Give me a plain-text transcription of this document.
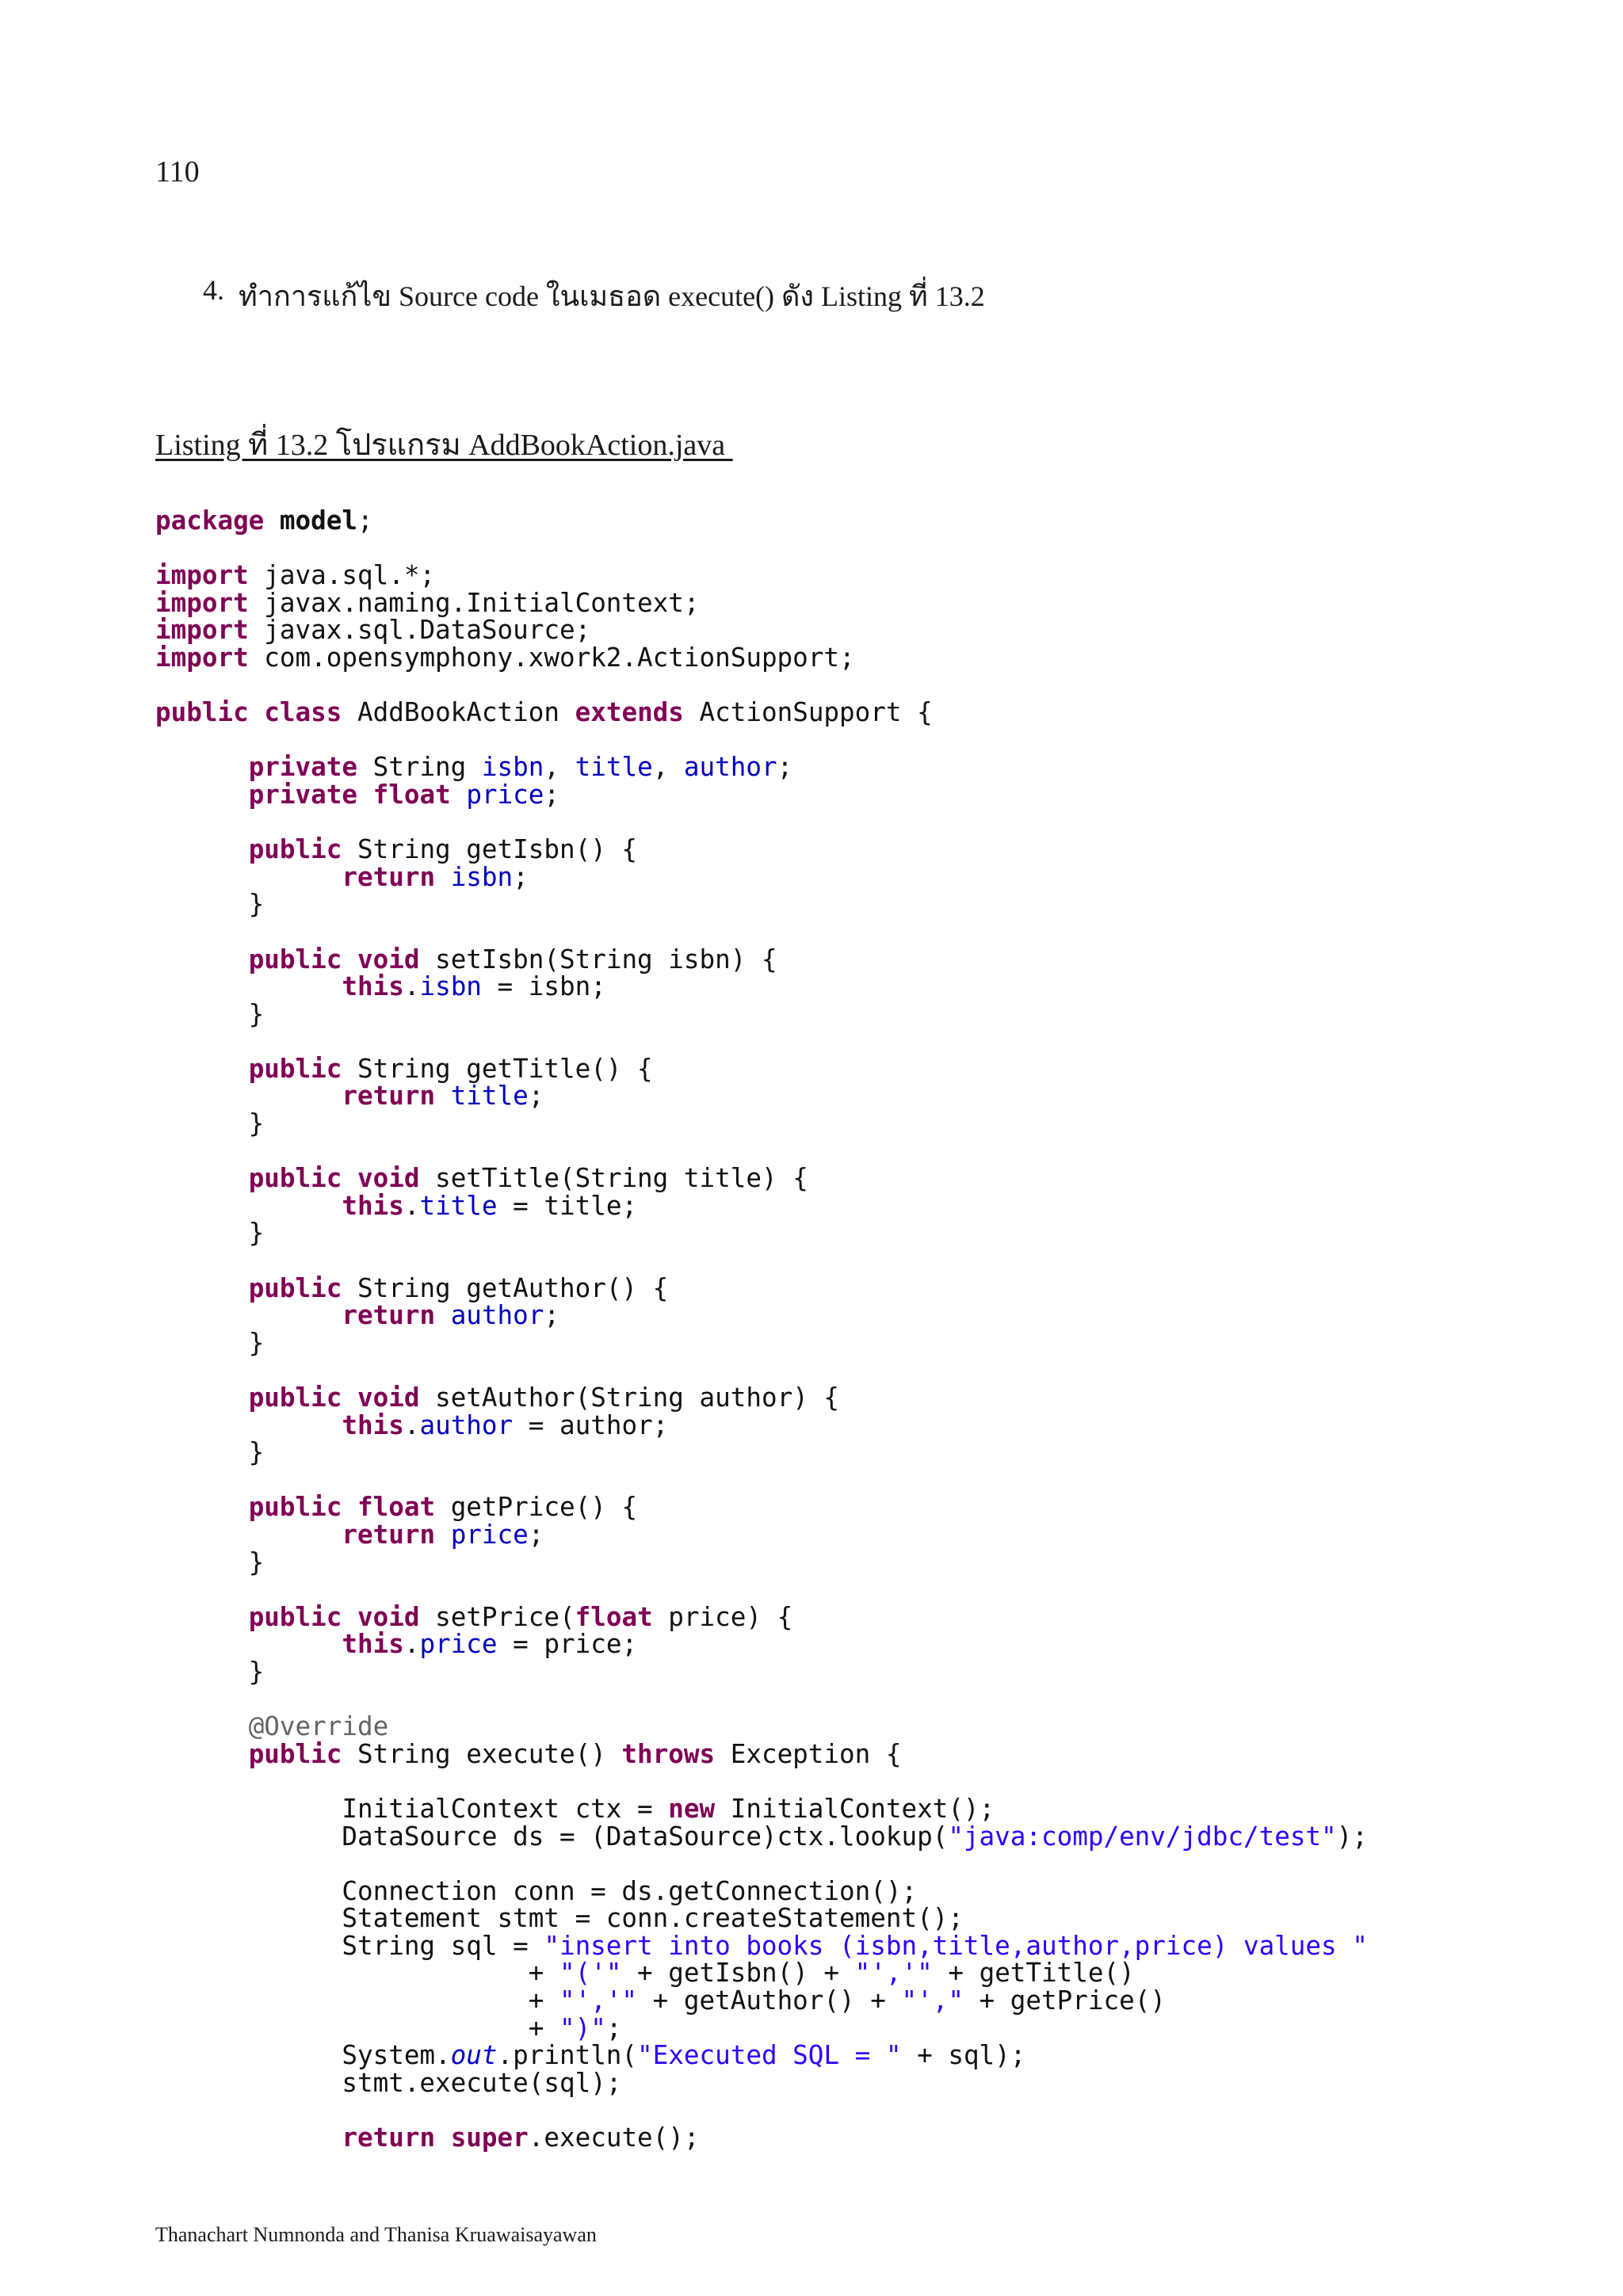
110
4. ทำการแก้ไข Source code ในเมธอด execute() ดัง Listing ที่ 13.2
Listing ที่ 13.2 โปรแกรม AddBookAction.java
package model;

import java.sql.*;
import javax.naming.InitialContext;
import javax.sql.DataSource;
import com.opensymphony.xwork2.ActionSupport;

public class AddBookAction extends ActionSupport {

private String isbn, title, author;
private float price;

public String getIsbn() {
return isbn;
}

public void setIsbn(String isbn) {
this.isbn = isbn;
}

public String getTitle() {
return title;
}

public void setTitle(String title) {
this.title = title;
}

public String getAuthor() {
return author;
}

public void setAuthor(String author) {
this.author = author;
}

public float getPrice() {
return price;
}

public void setPrice(float price) {
this.price = price;
}

@Override
public String execute() throws Exception {

InitialContext ctx = new InitialContext();
DataSource ds = (DataSource)ctx.lookup("java:comp/env/jdbc/test");

Connection conn = ds.getConnection();
Statement stmt = conn.createStatement();
String sql = "insert into books (isbn,title,author,price) values "
+ "('" + getIsbn() + "','" + getTitle()
+ "','" + getAuthor() + "'," + getPrice()
+ ")";
System.out.println("Executed SQL = " + sql);
stmt.execute(sql);

return super.execute();
Thanachart Numnonda and Thanisa Kruawaisayawan
